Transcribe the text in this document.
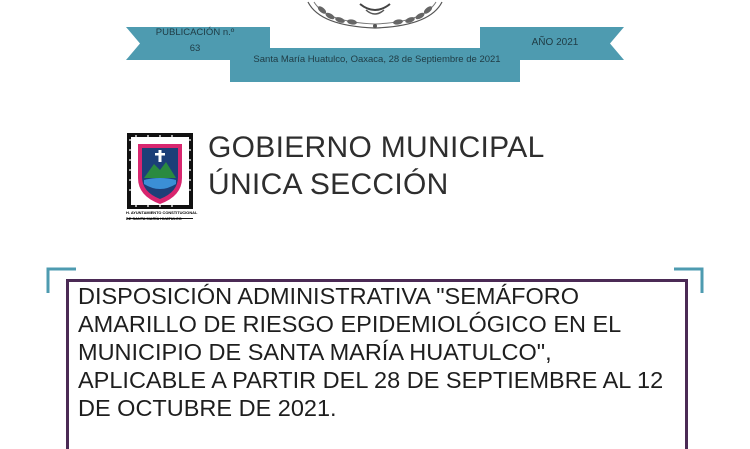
PUBLICACIÓN n.º
63
AÑO 2021
Santa María Huatulco, Oaxaca, 28 de Septiembre de 2021
H. AYUNTAMIENTO CONSTITUCIONAL
DE SANTA MARÍA HUATULCO
GOBIERNO MUNICIPAL
ÚNICA SECCIÓN
DISPOSICIÓN ADMINISTRATIVA "SEMÁFORO AMARILLO DE RIESGO EPIDEMIOLÓGICO EN EL MUNICIPIO DE SANTA MARÍA HUATULCO", APLICABLE A PARTIR DEL 28 DE SEPTIEMBRE AL 12 DE OCTUBRE DE 2021.
